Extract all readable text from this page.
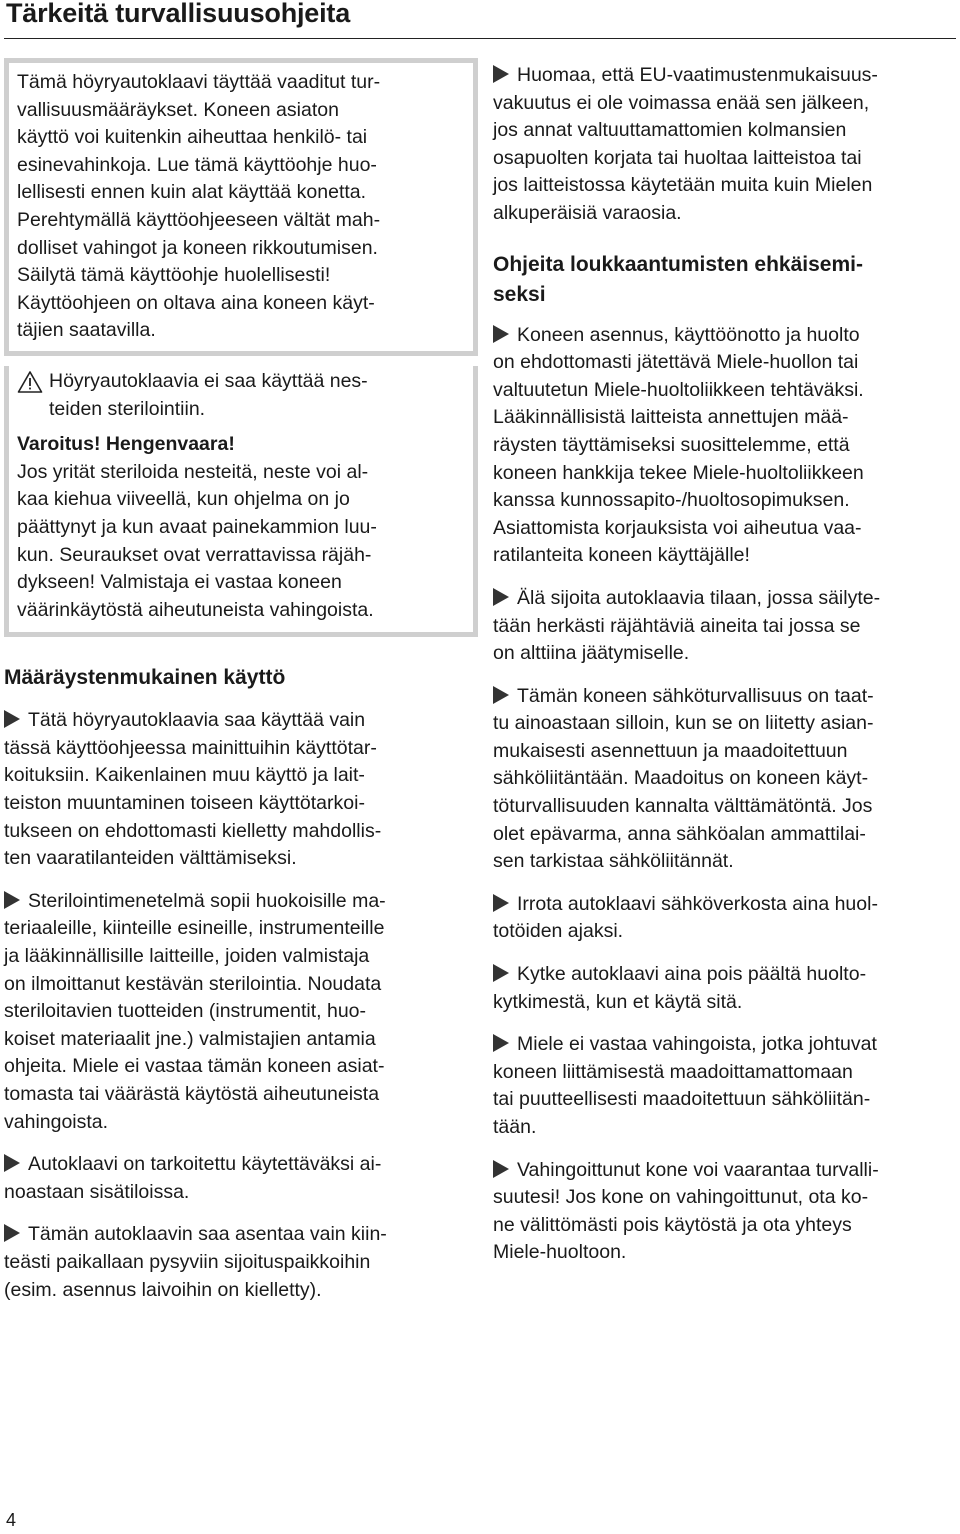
Tärkeitä turvallisuusohjeita
Tämä höyryautoklaavi täyttää vaaditut tur-
vallisuusmääräykset. Koneen asiaton
käyttö voi kuitenkin aiheuttaa henkilö- tai
esinevahinkoja. Lue tämä käyttöohje huo-
lellisesti ennen kuin alat käyttää konetta.
Perehtymällä käyttöohjeeseen vältät mah-
dolliset vahingot ja koneen rikkoutumisen.
Säilytä tämä käyttöohje huolellisesti!
Käyttöohjeen on oltava aina koneen käyt-
täjien saatavilla.
Höyryautoklaavia ei saa käyttää nes-
teiden sterilointiin.
Varoitus! Hengenvaara!
Jos yrität steriloida nesteitä, neste voi al-
kaa kiehua viiveellä, kun ohjelma on jo
päättynyt ja kun avaat painekammion luu-
kun. Seuraukset ovat verrattavissa räjäh-
dykseen! Valmistaja ei vastaa koneen
väärinkäytöstä aiheutuneista vahingoista.
Määräystenmukainen käyttö
Tätä höyryautoklaavia saa käyttää vain
tässä käyttöohjeessa mainittuihin käyttötar-
koituksiin. Kaikenlainen muu käyttö ja lait-
teiston muuntaminen toiseen käyttötarkoi-
tukseen on ehdottomasti kielletty mahdollis-
ten vaaratilanteiden välttämiseksi.
Sterilointimenetelmä sopii huokoisille ma-
teriaaleille, kiinteille esineille, instrumenteille
ja lääkinnällisille laitteille, joiden valmistaja
on ilmoittanut kestävän sterilointia. Noudata
steriloitavien tuotteiden (instrumentit, huo-
koiset materiaalit jne.) valmistajien antamia
ohjeita. Miele ei vastaa tämän koneen asiat-
tomasta tai väärästä käytöstä aiheutuneista
vahingoista.
Autoklaavi on tarkoitettu käytettäväksi ai-
noastaan sisätiloissa.
Tämän autoklaavin saa asentaa vain kiin-
teästi paikallaan pysyviin sijoituspaikkoihin
(esim. asennus laivoihin on kielletty).
Huomaa, että EU-vaatimustenmukaisuus-
vakuutus ei ole voimassa enää sen jälkeen,
jos annat valtuuttamattomien kolmansien
osapuolten korjata tai huoltaa laitteistoa tai
jos laitteistossa käytetään muita kuin Mielen
alkuperäisiä varaosia.
Ohjeita loukkaantumisten ehkäisemi-
seksi
Koneen asennus, käyttöönotto ja huolto
on ehdottomasti jätettävä Miele-huollon tai
valtuutetun Miele-huoltoliikkeen tehtäväksi.
Lääkinnällisistä laitteista annettujen mää-
räysten täyttämiseksi suosittelemme, että
koneen hankkija tekee Miele-huoltoliikkeen
kanssa kunnossapito-/huoltosopimuksen.
Asiattomista korjauksista voi aiheutua vaa-
ratilanteita koneen käyttäjälle!
Älä sijoita autoklaavia tilaan, jossa säilyte-
tään herkästi räjähtäviä aineita tai jossa se
on alttiina jäätymiselle.
Tämän koneen sähköturvallisuus on taat-
tu ainoastaan silloin, kun se on liitetty asian-
mukaisesti asennettuun ja maadoitettuun
sähköliitäntään. Maadoitus on koneen käyt-
töturvallisuuden kannalta välttämätöntä. Jos
olet epävarma, anna sähköalan ammattilai-
sen tarkistaa sähköliitännät.
Irrota autoklaavi sähköverkosta aina huol-
totöiden ajaksi.
Kytke autoklaavi aina pois päältä huolto-
kytkimestä, kun et käytä sitä.
Miele ei vastaa vahingoista, jotka johtuvat
koneen liittämisestä maadoittamattomaan
tai puutteellisesti maadoitettuun sähköliitän-
tään.
Vahingoittunut kone voi vaarantaa turvalli-
suutesi! Jos kone on vahingoittunut, ota ko-
ne välittömästi pois käytöstä ja ota yhteys
Miele-huoltoon.
4
